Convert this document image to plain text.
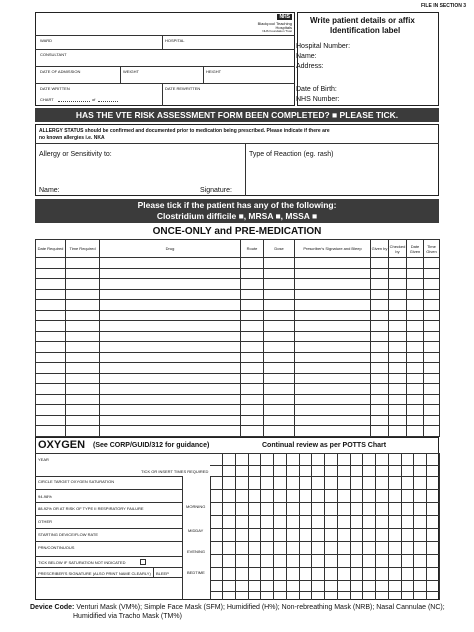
FILE IN SECTION 3
NHS
Blackpool Teaching
Hospitals
NHS Foundation Trust
WARD	HOSPITAL
CONSULTANT
DATE OF ADMISSION	WEIGHT	HEIGHT
DATE WRITTEN	DATE REWRITTEN
CHART	of
Write patient details or affix
Identification label
Hospital Number:
Name:
Address:
Date of Birth:
NHS Number:
HAS THE VTE RISK ASSESSMENT FORM BEEN COMPLETED? ■ PLEASE TICK.
ALLERGY STATUS should be confirmed and documented prior to medication being prescribed. Please indicate if there are
no known allergies i.e. NKA
Allergy or Sensitivity to:	Type of Reaction (eg. rash)
Name:	Signature:
Please tick if the patient has any of the following:
Clostridium difficile ■, MRSA ■, MSSA ■
ONCE-ONLY and PRE-MEDICATION
Date Required	Time Required	Drug	Route	Dose	Prescriber's Signature and Bleep	Given by	Checked by	Date Given	Time Given

OXYGEN (See CORP/GUID/312 for guidance)	Continual review as per POTTS Chart
YEAR
TICK OR INSERT TIMES REQUIRED
CIRCLE TARGET OXYGEN SATURATION
94-98%
88-92% OR AT RISK OF TYPE II RESPIRATORY FAILURE
OTHER
STARTING DEVICE/FLOW RATE
PRN/CONTINUOUS
TICK BELOW IF SATURATION NOT INDICATED
PRESCRIBER'S SIGNATURE (ALSO PRINT NAME CLEARLY) BLEEP
MORNING
MIDDAY
EVENING
BEDTIME
Device Code: Venturi Mask (VM%); Simple Face Mask (SFM); Humidified (H%); Non-rebreathing Mask (NRB); Nasal Cannulae (NC);
Humidified via Tracho Mask (TM%)
